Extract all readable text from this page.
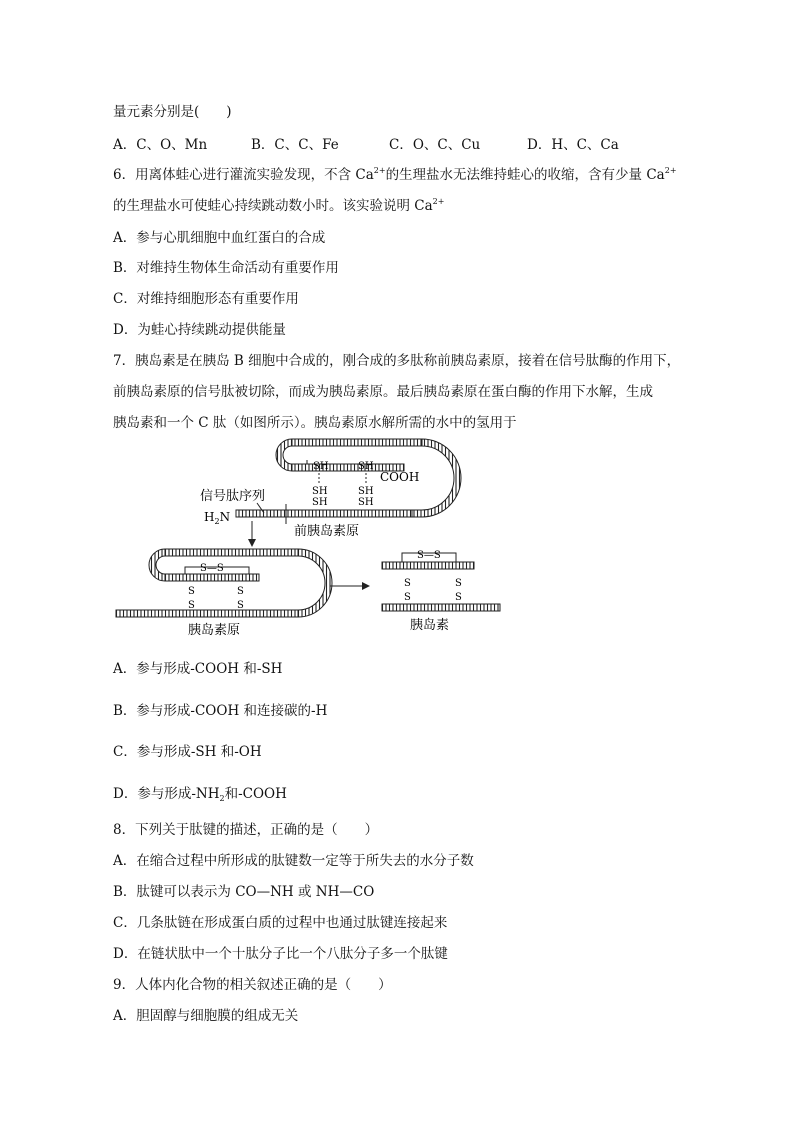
量元素分别是(　　)
A．C、O、Mn	B．C、C、Fe	C．O、C、Cu	D．H、C、Ca
6．用离体蛙心进行灌流实验发现，不含 $Ca^{2+}$的生理盐水无法维持蛙心的收缩，含有少量 $Ca^{2+}$
的生理盐水可使蛙心持续跳动数小时。该实验说明 $Ca^{2+}$
A．参与心肌细胞中血红蛋白的合成
B．对维持生物体生命活动有重要作用
C．对维持细胞形态有重要作用
D．为蛙心持续跳动提供能量
7．胰岛素是在胰岛 B 细胞中合成的，刚合成的多肽称前胰岛素原，接着在信号肽酶的作用下，
前胰岛素原的信号肽被切除，而成为胰岛素原。最后胰岛素原在蛋白酶的作用下水解，生成
胰岛素和一个 C 肽（如图所示）。胰岛素原水解所需的水中的氢用于
SH	SH
COOH
SH
SH
SH
SH
信号肽序列
$H_2N$
前胰岛素原
S—S
S
S
S
S
胰岛素原
S—S
S
S
S
S
胰岛素
A．参与形成-COOH 和-SH
B．参与形成-COOH 和连接碳的-H
C．参与形成-SH 和-OH
D．参与形成$-NH_2$和-COOH
8．下列关于肽键的描述，正确的是（　　）
A．在缩合过程中所形成的肽键数一定等于所失去的水分子数
B．肽键可以表示为 CO—NH 或 NH—CO
C．几条肽链在形成蛋白质的过程中也通过肽键连接起来
D．在链状肽中一个十肽分子比一个八肽分子多一个肽键
9．人体内化合物的相关叙述正确的是（　　）
A．胆固醇与细胞膜的组成无关
